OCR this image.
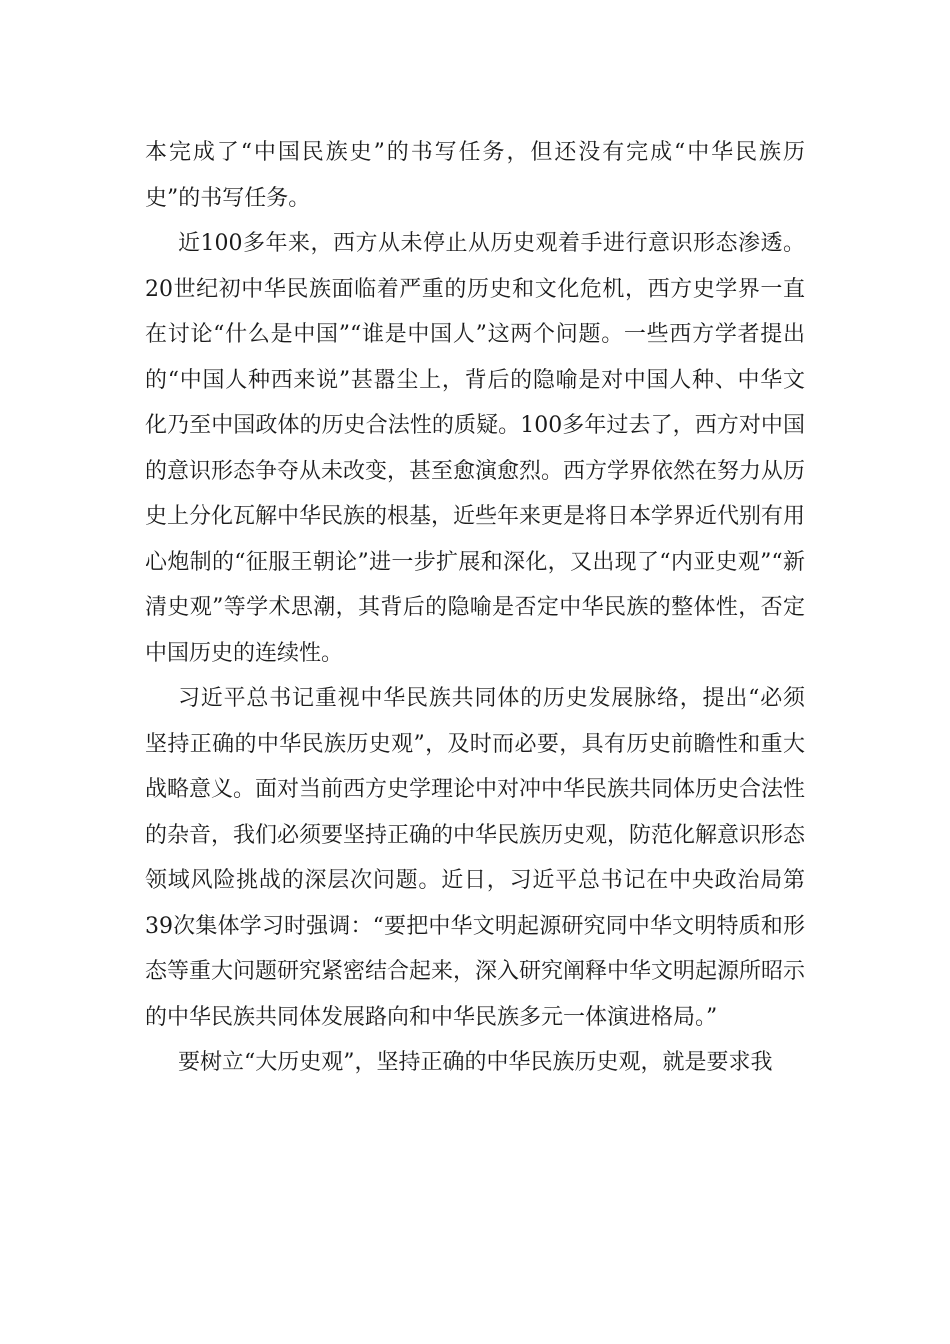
本完成了“中国民族史”的书写任务，但还没有完成“中华民族历史”的书写任务。

近100多年来，西方从未停止从历史观着手进行意识形态渗透。20世纪初中华民族面临着严重的历史和文化危机，西方史学界一直在讨论“什么是中国”“谁是中国人”这两个问题。一些西方学者提出的“中国人种西来说”甚嚣尘上，背后的隐喻是对中国人种、中华文化乃至中国政体的历史合法性的质疑。100多年过去了，西方对中国的意识形态争夺从未改变，甚至愈演愈烈。西方学界依然在努力从历史上分化瓦解中华民族的根基，近些年来更是将日本学界近代别有用心炮制的“征服王朝论”进一步扩展和深化，又出现了“内亚史观”“新清史观”等学术思潮，其背后的隐喻是否定中华民族的整体性，否定中国历史的连续性。

习近平总书记重视中华民族共同体的历史发展脉络，提出“必须坚持正确的中华民族历史观”，及时而必要，具有历史前瞻性和重大战略意义。面对当前西方史学理论中对冲中华民族共同体历史合法性的杂音，我们必须要坚持正确的中华民族历史观，防范化解意识形态领域风险挑战的深层次问题。近日，习近平总书记在中央政治局第39次集体学习时强调：“要把中华文明起源研究同中华文明特质和形态等重大问题研究紧密结合起来，深入研究阐释中华文明起源所昭示的中华民族共同体发展路向和中华民族多元一体演进格局。”

要树立“大历史观”，坚持正确的中华民族历史观，就是要求我
